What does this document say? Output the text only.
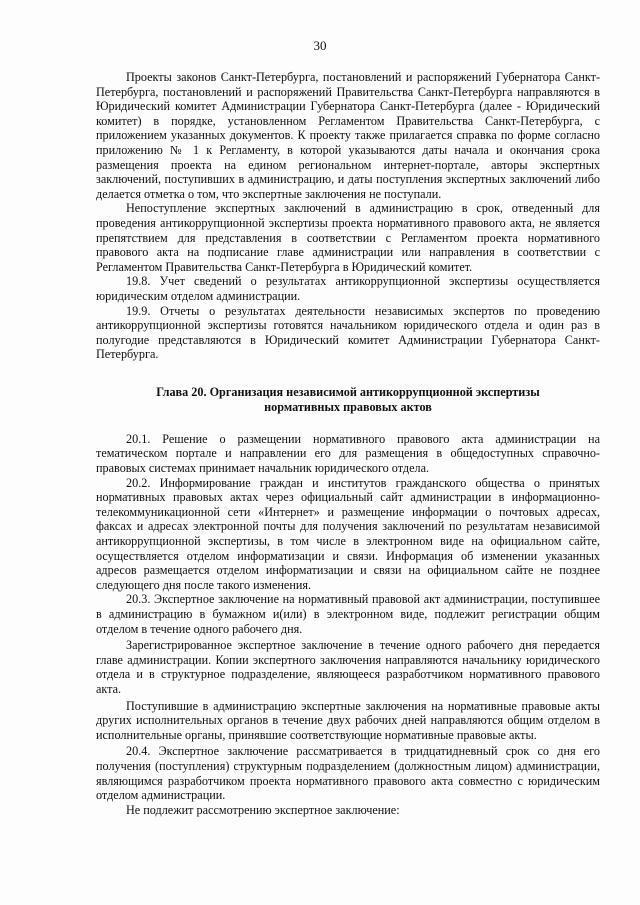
30

Проекты законов Санкт-Петербурга, постановлений и распоряжений Губернатора Санкт-Петербурга, постановлений и распоряжений Правительства Санкт-Петербурга направляются в Юридический комитет Администрации Губернатора Санкт-Петербурга (далее - Юридический комитет) в порядке, установленном Регламентом Правительства Санкт-Петербурга, с приложением указанных документов. К проекту также прилагается справка по форме согласно приложению № 1 к Регламенту, в которой указываются даты начала и окончания срока размещения проекта на едином региональном интернет-портале, авторы экспертных заключений, поступивших в администрацию, и даты поступления экспертных заключений либо делается отметка о том, что экспертные заключения не поступали.

Непоступление экспертных заключений в администрацию в срок, отведенный для проведения антикоррупционной экспертизы проекта нормативного правового акта, не является препятствием для представления в соответствии с Регламентом проекта нормативного правового акта на подписание главе администрации или направления в соответствии с Регламентом Правительства Санкт-Петербурга в Юридический комитет.

19.8. Учет сведений о результатах антикоррупционной экспертизы осуществляется юридическим отделом администрации.

19.9. Отчеты о результатах деятельности независимых экспертов по проведению антикоррупционной экспертизы готовятся начальником юридического отдела и один раз в полугодие представляются в Юридический комитет Администрации Губернатора Санкт-Петербурга.

Глава 20. Организация независимой антикоррупционной экспертизы
нормативных правовых актов

20.1. Решение о размещении нормативного правового акта администрации на тематическом портале и направлении его для размещения в общедоступных справочно-правовых системах принимает начальник юридического отдела.

20.2. Информирование граждан и институтов гражданского общества о принятых нормативных правовых актах через официальный сайт администрации в информационно-телекоммуникационной сети «Интернет» и размещение информации о почтовых адресах, факсах и адресах электронной почты для получения заключений по результатам независимой антикоррупционной экспертизы, в том числе в электронном виде на официальном сайте, осуществляется отделом информатизации и связи. Информация об изменении указанных адресов размещается отделом информатизации и связи на официальном сайте не позднее следующего дня после такого изменения.

20.3. Экспертное заключение на нормативный правовой акт администрации, поступившее в администрацию в бумажном и(или) в электронном виде, подлежит регистрации общим отделом в течение одного рабочего дня.

Зарегистрированное экспертное заключение в течение одного рабочего дня передается главе администрации. Копии экспертного заключения направляются начальнику юридического отдела и в структурное подразделение, являющееся разработчиком нормативного правового акта.

Поступившие в администрацию экспертные заключения на нормативные правовые акты других исполнительных органов в течение двух рабочих дней направляются общим отделом в исполнительные органы, принявшие соответствующие нормативные правовые акты.

20.4. Экспертное заключение рассматривается в тридцатидневный срок со дня его получения (поступления) структурным подразделением (должностным лицом) администрации, являющимся разработчиком проекта нормативного правового акта совместно с юридическим отделом администрации.

Не подлежит рассмотрению экспертное заключение:
